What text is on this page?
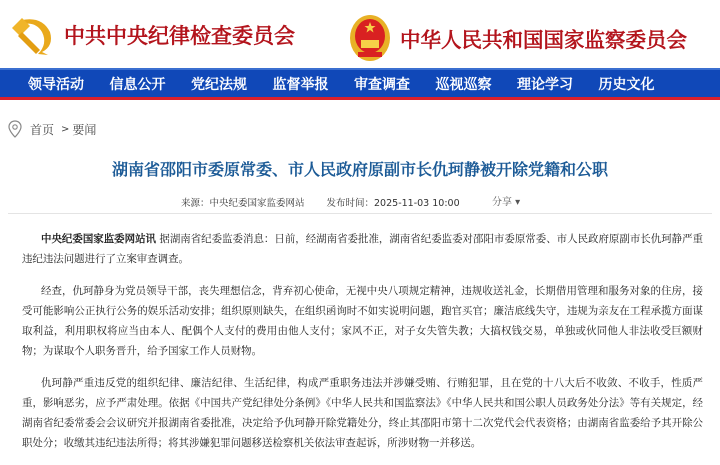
中共中央纪律检查委员会	中华人民共和国国家监察委员会
领导活动 信息公开 党纪法规 监督举报 审查调查 巡视巡察 理论学习 历史文化
首页 > 要闻
湖南省邵阳市委原常委、市人民政府原副市长仇珂静被开除党籍和公职
来源：中央纪委国家监委网站 发布时间：2025-11-03 10:00	分享 ▾

中央纪委国家监委网站讯 据湖南省纪委监委消息：日前，经湖南省委批准，湖南省纪委监委对邵阳市委原常委、市人民政府原副市长仇珂静严重违纪违法问题进行了立案审查调查。

经查，仇珂静身为党员领导干部，丧失理想信念，背弃初心使命，无视中央八项规定精神，违规收送礼金，长期借用管理和服务对象的住房，接受可能影响公正执行公务的娱乐活动安排；组织原则缺失，在组织函询时不如实说明问题，跑官买官；廉洁底线失守，违规为亲友在工程承揽方面谋取利益，利用职权将应当由本人、配偶个人支付的费用由他人支付；家风不正，对子女失管失教；大搞权钱交易，单独或伙同他人非法收受巨额财物；为谋取个人职务晋升，给予国家工作人员财物。

仇珂静严重违反党的组织纪律、廉洁纪律、生活纪律，构成严重职务违法并涉嫌受贿、行贿犯罪，且在党的十八大后不收敛、不收手，性质严重，影响恶劣，应予严肃处理。依据《中国共产党纪律处分条例》《中华人民共和国监察法》《中华人民共和国公职人员政务处分法》等有关规定，经湖南省纪委常委会会议研究并报湖南省委批准，决定给予仇珂静开除党籍处分，终止其邵阳市第十二次党代会代表资格；由湖南省监委给予其开除公职处分；收缴其违纪违法所得；将其涉嫌犯罪问题移送检察机关依法审查起诉，所涉财物一并移送。
